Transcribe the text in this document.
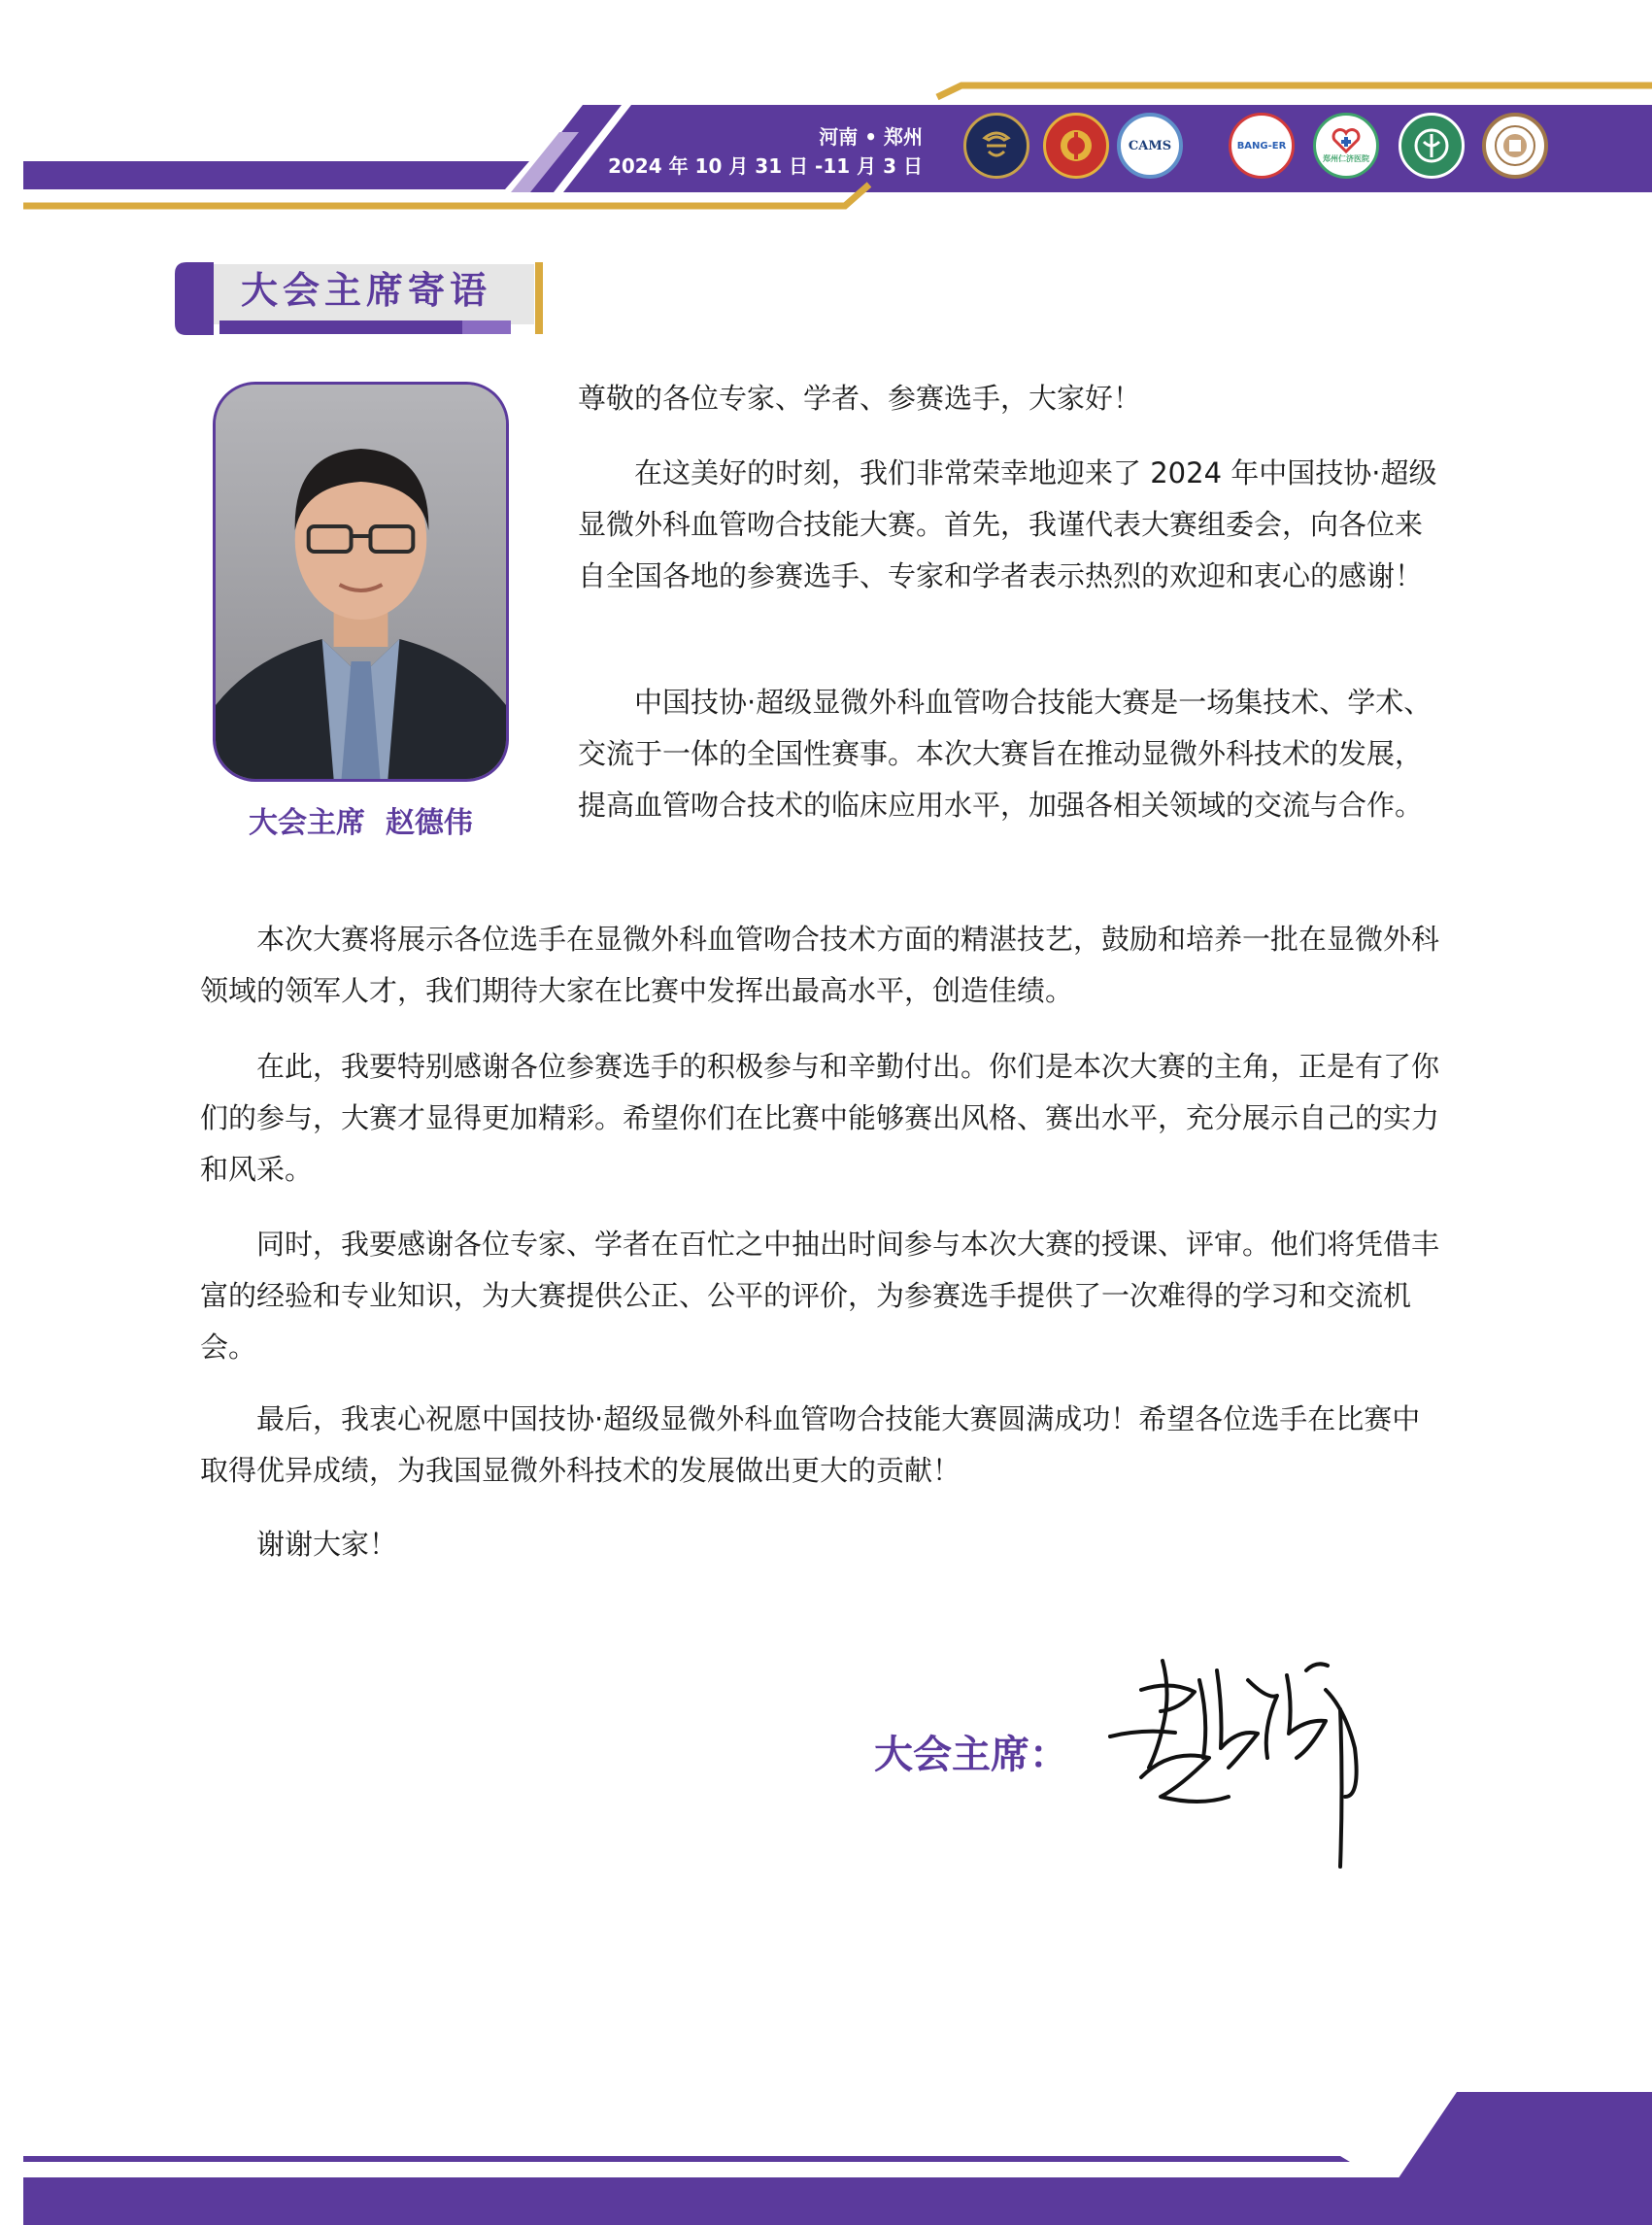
河南 • 郑州
2024 年 10 月 31 日 -11 月 3 日
CAMS	BANG-ER
郑州仁济医院
大会主席寄语
大会主席  赵德伟

尊敬的各位专家、学者、参赛选手，大家好！

在这美好的时刻，我们非常荣幸地迎来了 2024 年中国技协·超级显微外科血管吻合技能大赛。首先，我谨代表大赛组委会，向各位来自全国各地的参赛选手、专家和学者表示热烈的欢迎和衷心的感谢！

中国技协·超级显微外科血管吻合技能大赛是一场集技术、学术、交流于一体的全国性赛事。本次大赛旨在推动显微外科技术的发展，提高血管吻合技术的临床应用水平，加强各相关领域的交流与合作。

本次大赛将展示各位选手在显微外科血管吻合技术方面的精湛技艺，鼓励和培养一批在显微外科领域的领军人才，我们期待大家在比赛中发挥出最高水平，创造佳绩。

在此，我要特别感谢各位参赛选手的积极参与和辛勤付出。你们是本次大赛的主角，正是有了你们的参与，大赛才显得更加精彩。希望你们在比赛中能够赛出风格、赛出水平，充分展示自己的实力和风采。

同时，我要感谢各位专家、学者在百忙之中抽出时间参与本次大赛的授课、评审。他们将凭借丰富的经验和专业知识，为大赛提供公正、公平的评价，为参赛选手提供了一次难得的学习和交流机会。

最后，我衷心祝愿中国技协·超级显微外科血管吻合技能大赛圆满成功！希望各位选手在比赛中取得优异成绩，为我国显微外科技术的发展做出更大的贡献！

谢谢大家！

大会主席：
